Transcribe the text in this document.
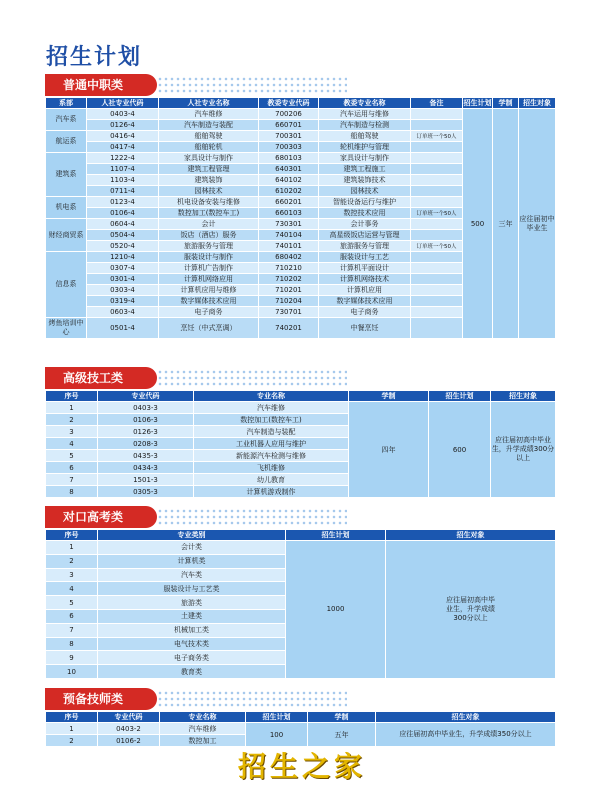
招生计划
普通中职类
系部	人社专业代码	人社专业名称	教委专业代码	教委专业名称	备注	招生计划	学制	招生对象
汽车系	0403-4	汽车维修	700206	汽车运用与维修		500	三年	应往届初中毕业生
	0126-4	汽车制造与装配	660701	汽车制造与检测				
航运系	0416-4	船舶驾驶	700301	船舶驾驶	订单班一个50人			
	0417-4	船舶轮机	700303	轮机维护与管理				
建筑系	1222-4	家具设计与制作	680103	家具设计与制作				
	1107-4	建筑工程管理	640301	建筑工程施工				
	1103-4	建筑装饰	640102	建筑装饰技术				
	0711-4	园林技术	610202	园林技术				
机电系	0123-4	机电设备安装与维修	660201	智能设备运行与维护				
	0106-4	数控加工(数控车工)	660103	数控技术应用	订单班一个50人			
财经商贸系	0604-4	会计	730301	会计事务				
	0504-4	饭店（酒店）服务	740104	高星级饭店运营与管理				
	0520-4	旅游服务与管理	740101	旅游服务与管理	订单班一个50人			
信息系	1210-4	服装设计与制作	680402	服装设计与工艺				
	0307-4	计算机广告制作	710210	计算机平面设计				
	0301-4	计算机网络应用	710202	计算机网络技术				
	0303-4	计算机应用与维修	710201	计算机应用				
	0319-4	数字媒体技术应用	710204	数字媒体技术应用				
	0603-4	电子商务	730701	电子商务				
烤鱼培训中心	0501-4	烹饪（中式烹调）	740201	中餐烹饪				
高级技工类
序号	专业代码	专业名称	学制	招生计划	招生对象
1	0403-3	汽车维修	四年	600	应往届初高中毕业生，升学成绩300分以上
2	0106-3	数控加工(数控车工)			
3	0126-3	汽车制造与装配			
4	0208-3	工业机器人应用与维护			
5	0435-3	新能源汽车检测与维修			
6	0434-3	飞机维修			
7	1501-3	幼儿教育			
8	0305-3	计算机游戏制作			
对口高考类
序号	专业类别	招生计划	招生对象
1	会计类	1000	应往届初高中毕业生，升学成绩300分以上
2	计算机类		
3	汽车类		
4	服装设计与工艺类		
5	旅游类		
6	土建类		
7	机械加工类		
8	电气技术类		
9	电子商务类		
10	教育类		
预备技师类
序号	专业代码	专业名称	招生计划	学制	招生对象
1	0403-2	汽车维修	100	五年	应往届初高中毕业生，升学成绩350分以上
2	0106-2	数控加工			
招生之家
